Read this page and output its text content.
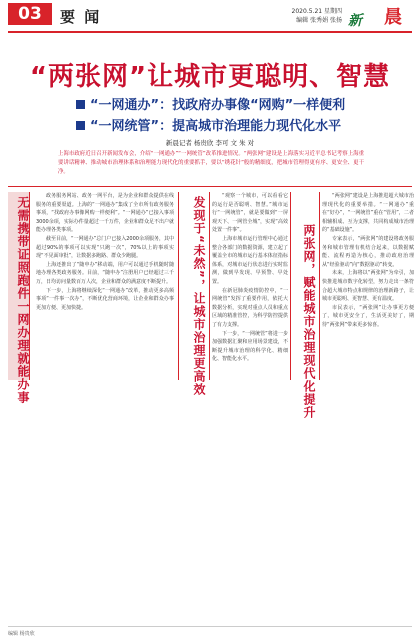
03	要 闻	2020.5.21 星期四
编辑 张秀娟 张扬 新 晨
“两张网”让城市更聪明、智慧
“一网通办”：找政府办事像“网购”一样便利
“一网统管”：提高城市治理能力现代化水平
新晨记者 杨贵欣 李可 文 朱 对
上海市政府近日召开新闻发布会，介绍“一网通办”“一网统管”改革推进情况。“两张网”建设是上海落实习近平总书记考察上海重要讲话精神、推动城市治理体系和治理能力现代化的重要抓手，要以“绣花针”般的精细度，把城市管理得更有序、更安全、更干净。
无需携带证照跑件一网办理就能办事	政务服务网站、政务一网平台，是为企业和群众提供在线服务的重要渠道。上海的“一网通办”集成了全市所有政务服务事项，“找政府办事像网购一样便利”。“一网通办”已接入事项3000余项，实际办件量超过一千万件，企业和群众足不出户就能办理各类事项。

截至目前，“一网通办”总门户已接入2000余项服务，其中超过90%的事项可以实现“只跑一次”，70%以上的事项实现“不见面审批”，让数据多跑路、群众少跑腿。

上海还推出了“随申办”移动端，用户可以通过手机随时随地办理各类政务服务。目前，“随申办”注册用户已经超过三千万，日均访问量数百万人次，企业和群众的满意度不断提升。

下一步，上海将继续深化“一网通办”改革，推动更多高频事项“一件事一次办”，不断优化营商环境，让企业和群众办事更加方便、更加快捷。	发现于“未然”，让城市治理更高效	“观察一个城市，可以看看它的运行是否聪明、智慧。”城市运行“一网统管”，就是要做到“一屏观天下、一网管全城”，实现“高效处置一件事”。

上海市城市运行管理中心通过整合各部门的数据资源，建立起了覆盖全市的城市运行基本体征指标体系，对城市运行状态进行实时监测，做到早发现、早预警、早处置。

在新冠肺炎疫情防控中，“一网统管”发挥了重要作用，依托大数据分析，实现对重点人员和重点区域的精准管控，为科学防控提供了有力支撑。

下一步，“一网统管”将进一步加强数据汇聚和应用场景建设，不断提升城市治理的科学化、精细化、智能化水平。	两张网，赋能城市治理现代化提升

“两张网”建设是上海推进超大城市治理现代化的重要举措。“一网通办”重在“好办”，“一网统管”重在“管用”，二者相辅相成、互为支撑，共同构成城市治理的“基础设施”。

专家表示，“两张网”的建设将政务服务和城市管理有机结合起来，以数据赋能、流程再造为核心，推动政府治理从“经验驱动”向“数据驱动”转变。

未来，上海将以“两张网”为牵引，加快推进城市数字化转型，努力走出一条符合超大城市特点和规律的治理新路子，让城市更聪明、更智慧、更有温度。

市民表示，“两张网”让办事更方便了，城市更安全了，生活更美好了，期待“两张网”带来更多惊喜。

编辑 杨贵欣
